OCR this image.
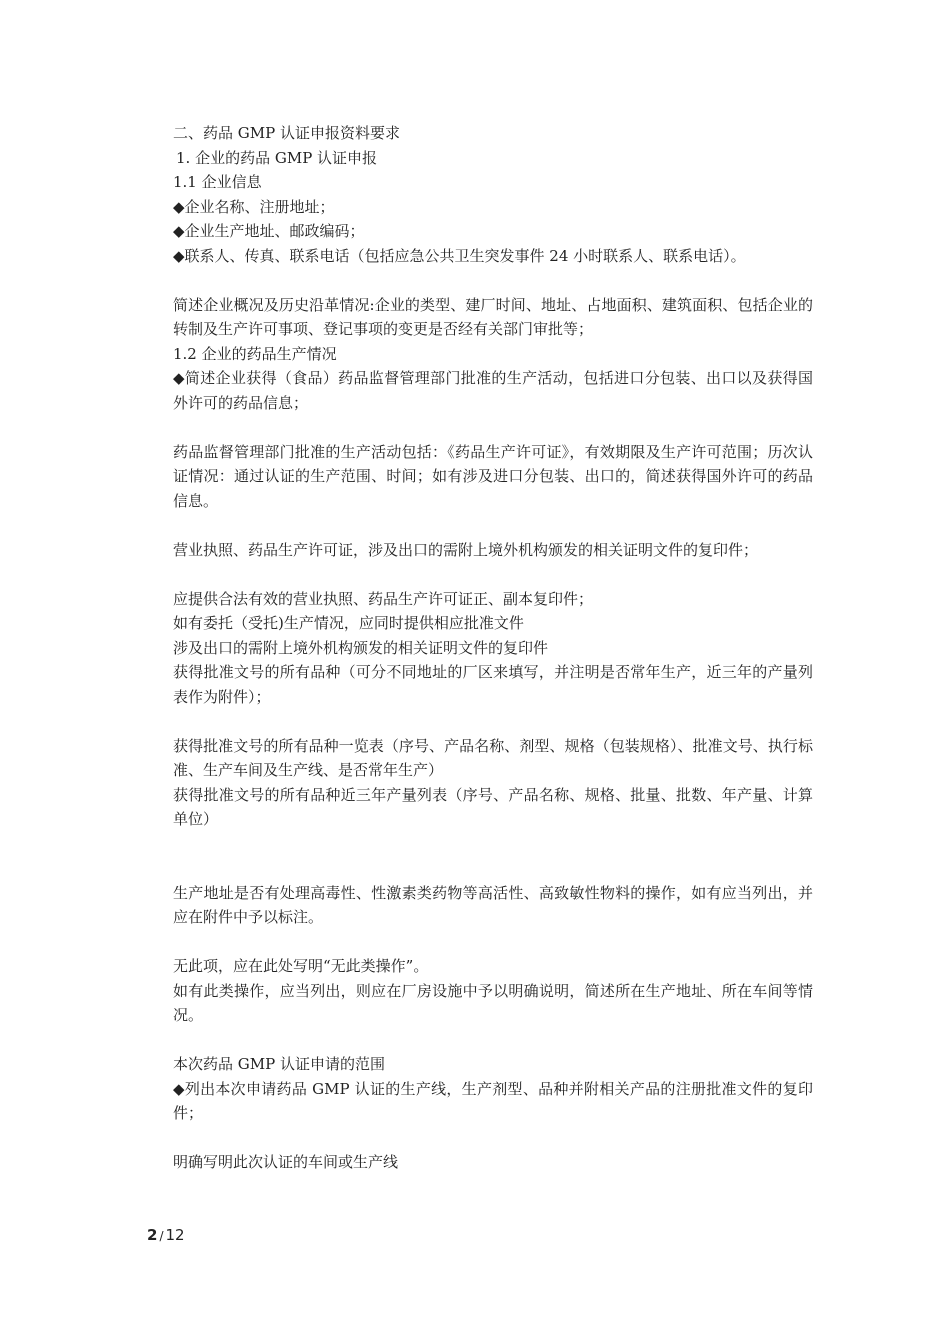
二、药品 GMP 认证申报资料要求

1. 企业的药品 GMP 认证申报

1.1 企业信息

◆企业名称、注册地址；

◆企业生产地址、邮政编码；

◆联系人、传真、联系电话（包括应急公共卫生突发事件 24 小时联系人、联系电话）。

简述企业概况及历史沿革情况:企业的类型、建厂时间、地址、占地面积、建筑面积、包括企业的转制及生产许可事项、登记事项的变更是否经有关部门审批等；

1.2 企业的药品生产情况

◆简述企业获得（食品）药品监督管理部门批准的生产活动，包括进口分包装、出口以及获得国外许可的药品信息；

药品监督管理部门批准的生产活动包括：《药品生产许可证》，有效期限及生产许可范围；历次认证情况：通过认证的生产范围、时间；如有涉及进口分包装、出口的，简述获得国外许可的药品信息。

营业执照、药品生产许可证，涉及出口的需附上境外机构颁发的相关证明文件的复印件；

应提供合法有效的营业执照、药品生产许可证正、副本复印件；

如有委托（受托)生产情况，应同时提供相应批准文件

涉及出口的需附上境外机构颁发的相关证明文件的复印件

获得批准文号的所有品种（可分不同地址的厂区来填写，并注明是否常年生产，近三年的产量列表作为附件）；

获得批准文号的所有品种一览表（序号、产品名称、剂型、规格（包装规格）、批准文号、执行标准、生产车间及生产线、是否常年生产）

获得批准文号的所有品种近三年产量列表（序号、产品名称、规格、批量、批数、年产量、计算单位）

生产地址是否有处理高毒性、性激素类药物等高活性、高致敏性物料的操作，如有应当列出，并应在附件中予以标注。

无此项，应在此处写明“无此类操作”。

如有此类操作，应当列出，则应在厂房设施中予以明确说明，简述所在生产地址、所在车间等情况。

本次药品 GMP 认证申请的范围

◆列出本次申请药品 GMP 认证的生产线，生产剂型、品种并附相关产品的注册批准文件的复印件；

明确写明此次认证的车间或生产线

2 / 12
